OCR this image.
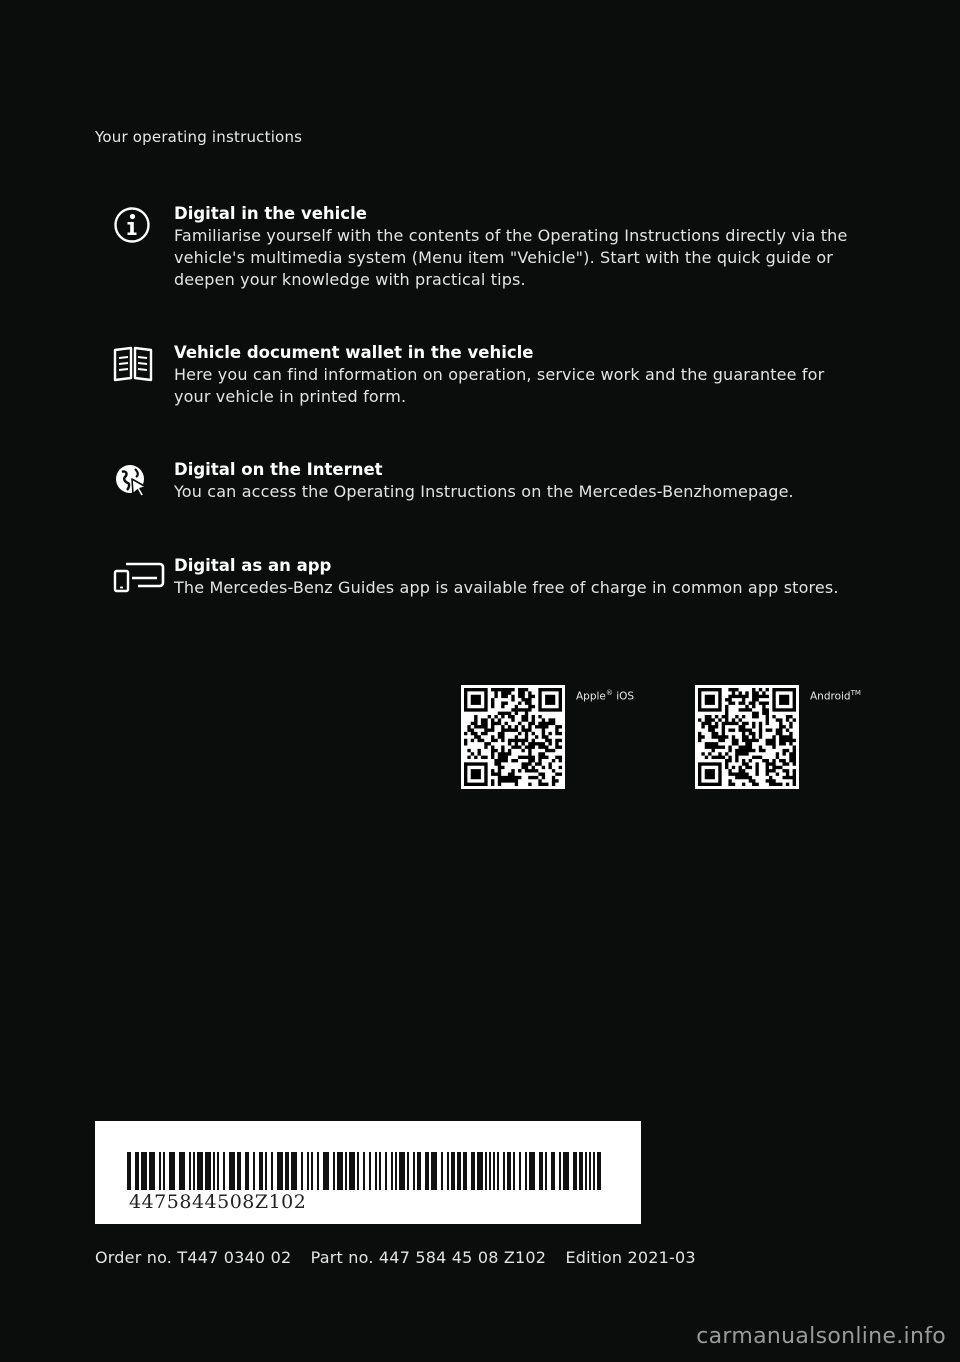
Your operating instructions
Digital in the vehicle

Familiarise yourself with the contents of the Operating Instructions directly via the vehicle's multimedia system (Menu item "Vehicle"). Start with the quick guide or deepen your knowledge with practical tips.

Vehicle document wallet in the vehicle

Here you can find information on operation, service work and the guarantee for your vehicle in printed form.

Digital on the Internet

You can access the Operating Instructions on the Mercedes-Benzhomepage.

Digital as an app

The Mercedes-Benz Guides app is available free of charge in common app stores.

Apple® iOS	Android™
4475844508Z102
Order no. T447 0340 02 Part no. 447 584 45 08 Z102 Edition 2021-03
carmanualsonline.info
